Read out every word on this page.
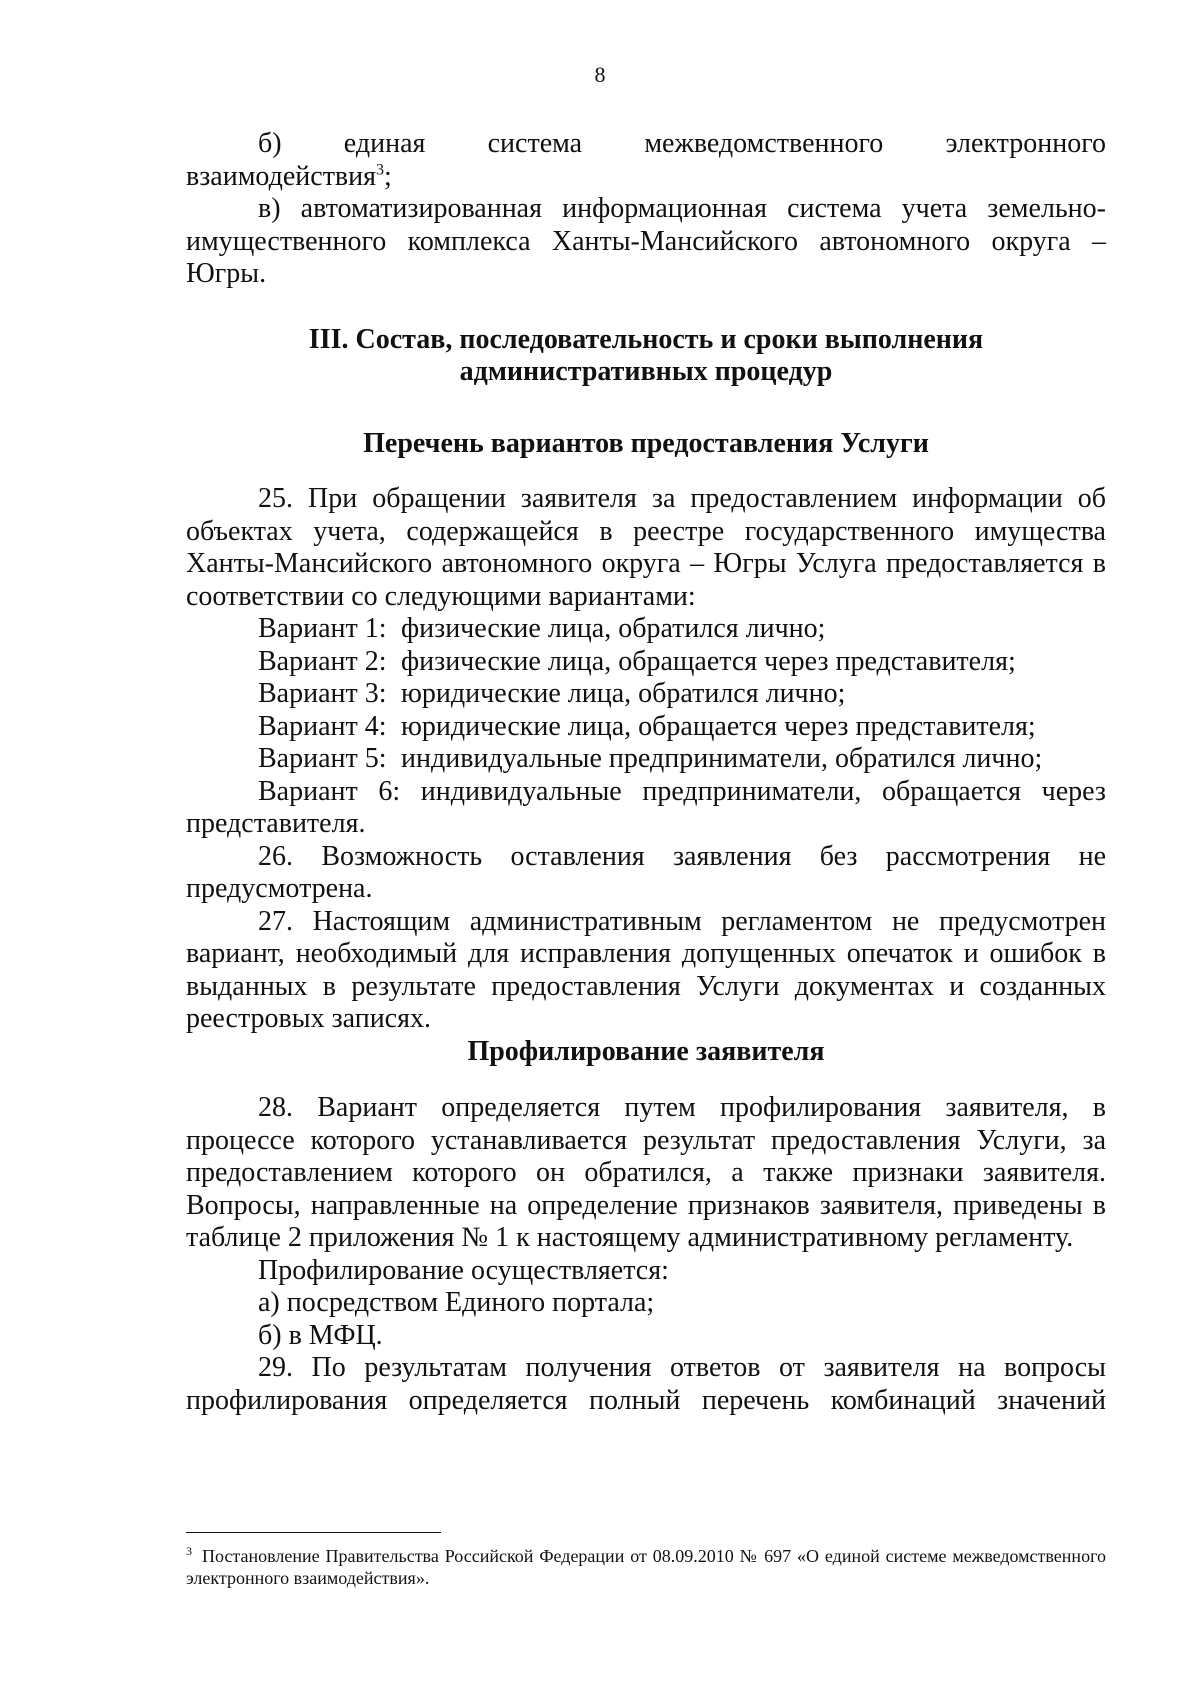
8

б) единая система межведомственного электронного

взаимодействия$^3$;

в) автоматизированная информационная система учета земельно-имущественного комплекса Ханты-Мансийского автономного округа – Югры.

III. Состав, последовательность и сроки выполнения

административных процедур

Перечень вариантов предоставления Услуги

25. При обращении заявителя за предоставлением информации об объектах учета, содержащейся в реестре государственного имущества Ханты-Мансийского автономного округа – Югры Услуга предоставляется в соответствии со следующими вариантами:

Вариант 1: физические лица, обратился лично;
Вариант 2: физические лица, обращается через представителя;
Вариант 3: юридические лица, обратился лично;
Вариант 4: юридические лица, обращается через представителя;
Вариант 5: индивидуальные предприниматели, обратился лично;

Вариант 6: индивидуальные предприниматели, обращается через представителя.

26. Возможность оставления заявления без рассмотрения не предусмотрена.

27. Настоящим административным регламентом не предусмотрен вариант, необходимый для исправления допущенных опечаток и ошибок в выданных в результате предоставления Услуги документах и созданных реестровых записях.

Профилирование заявителя

28. Вариант определяется путем профилирования заявителя, в процессе которого устанавливается результат предоставления Услуги, за предоставлением которого он обратился, а также признаки заявителя. Вопросы, направленные на определение признаков заявителя, приведены в таблице 2 приложения № 1 к настоящему административному регламенту.

Профилирование осуществляется:

а) посредством Единого портала;

б) в МФЦ.

29. По результатам получения ответов от заявителя на вопросы профилирования определяется полный перечень комбинаций значений

$^3$ Постановление Правительства Российской Федерации от 08.09.2010 № 697 «О единой системе межведомственного электронного взаимодействия».
